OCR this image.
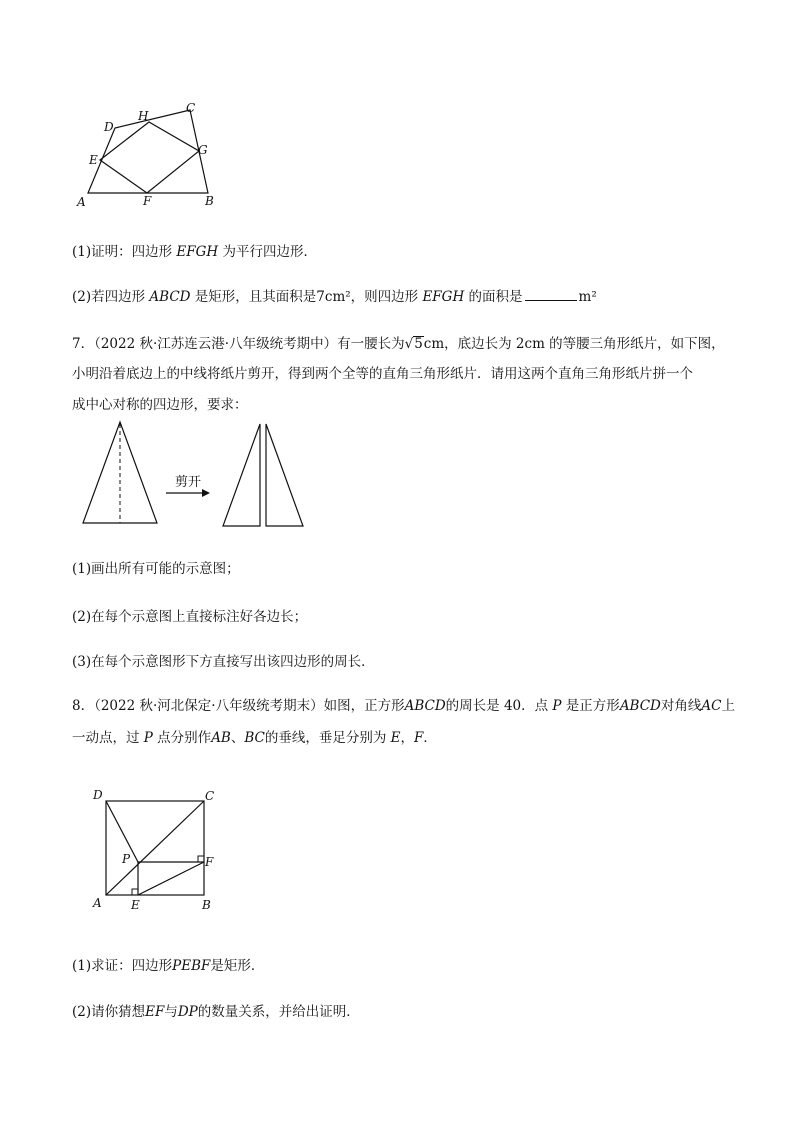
A	B
C
D
E
F
G
H
(1)证明：四边形 EFGH 为平行四边形．
(2)若四边形 ABCD 是矩形，且其面积是7cm²，则四边形 EFGH 的面积是	m²
7．（2022 秋·江苏连云港·八年级统考期中）有一腰长为√5cm，底边长为 2cm 的等腰三角形纸片，如下图，
小明沿着底边上的中线将纸片剪开，得到两个全等的直角三角形纸片．请用这两个直角三角形纸片拼一个
成中心对称的四边形，要求：
剪开
(1)画出所有可能的示意图；
(2)在每个示意图上直接标注好各边长；
(3)在每个示意图形下方直接写出该四边形的周长．
8．（2022 秋·河北保定·八年级统考期末）如图，正方形ABCD的周长是 40．点 P 是正方形ABCD对角线AC上
一动点，过 P 点分别作AB、BC的垂线，垂足分别为 E，F．
A	B
C
D
E
F
P
(1)求证：四边形PEBF是矩形．
(2)请你猜想EF与DP的数量关系，并给出证明．
